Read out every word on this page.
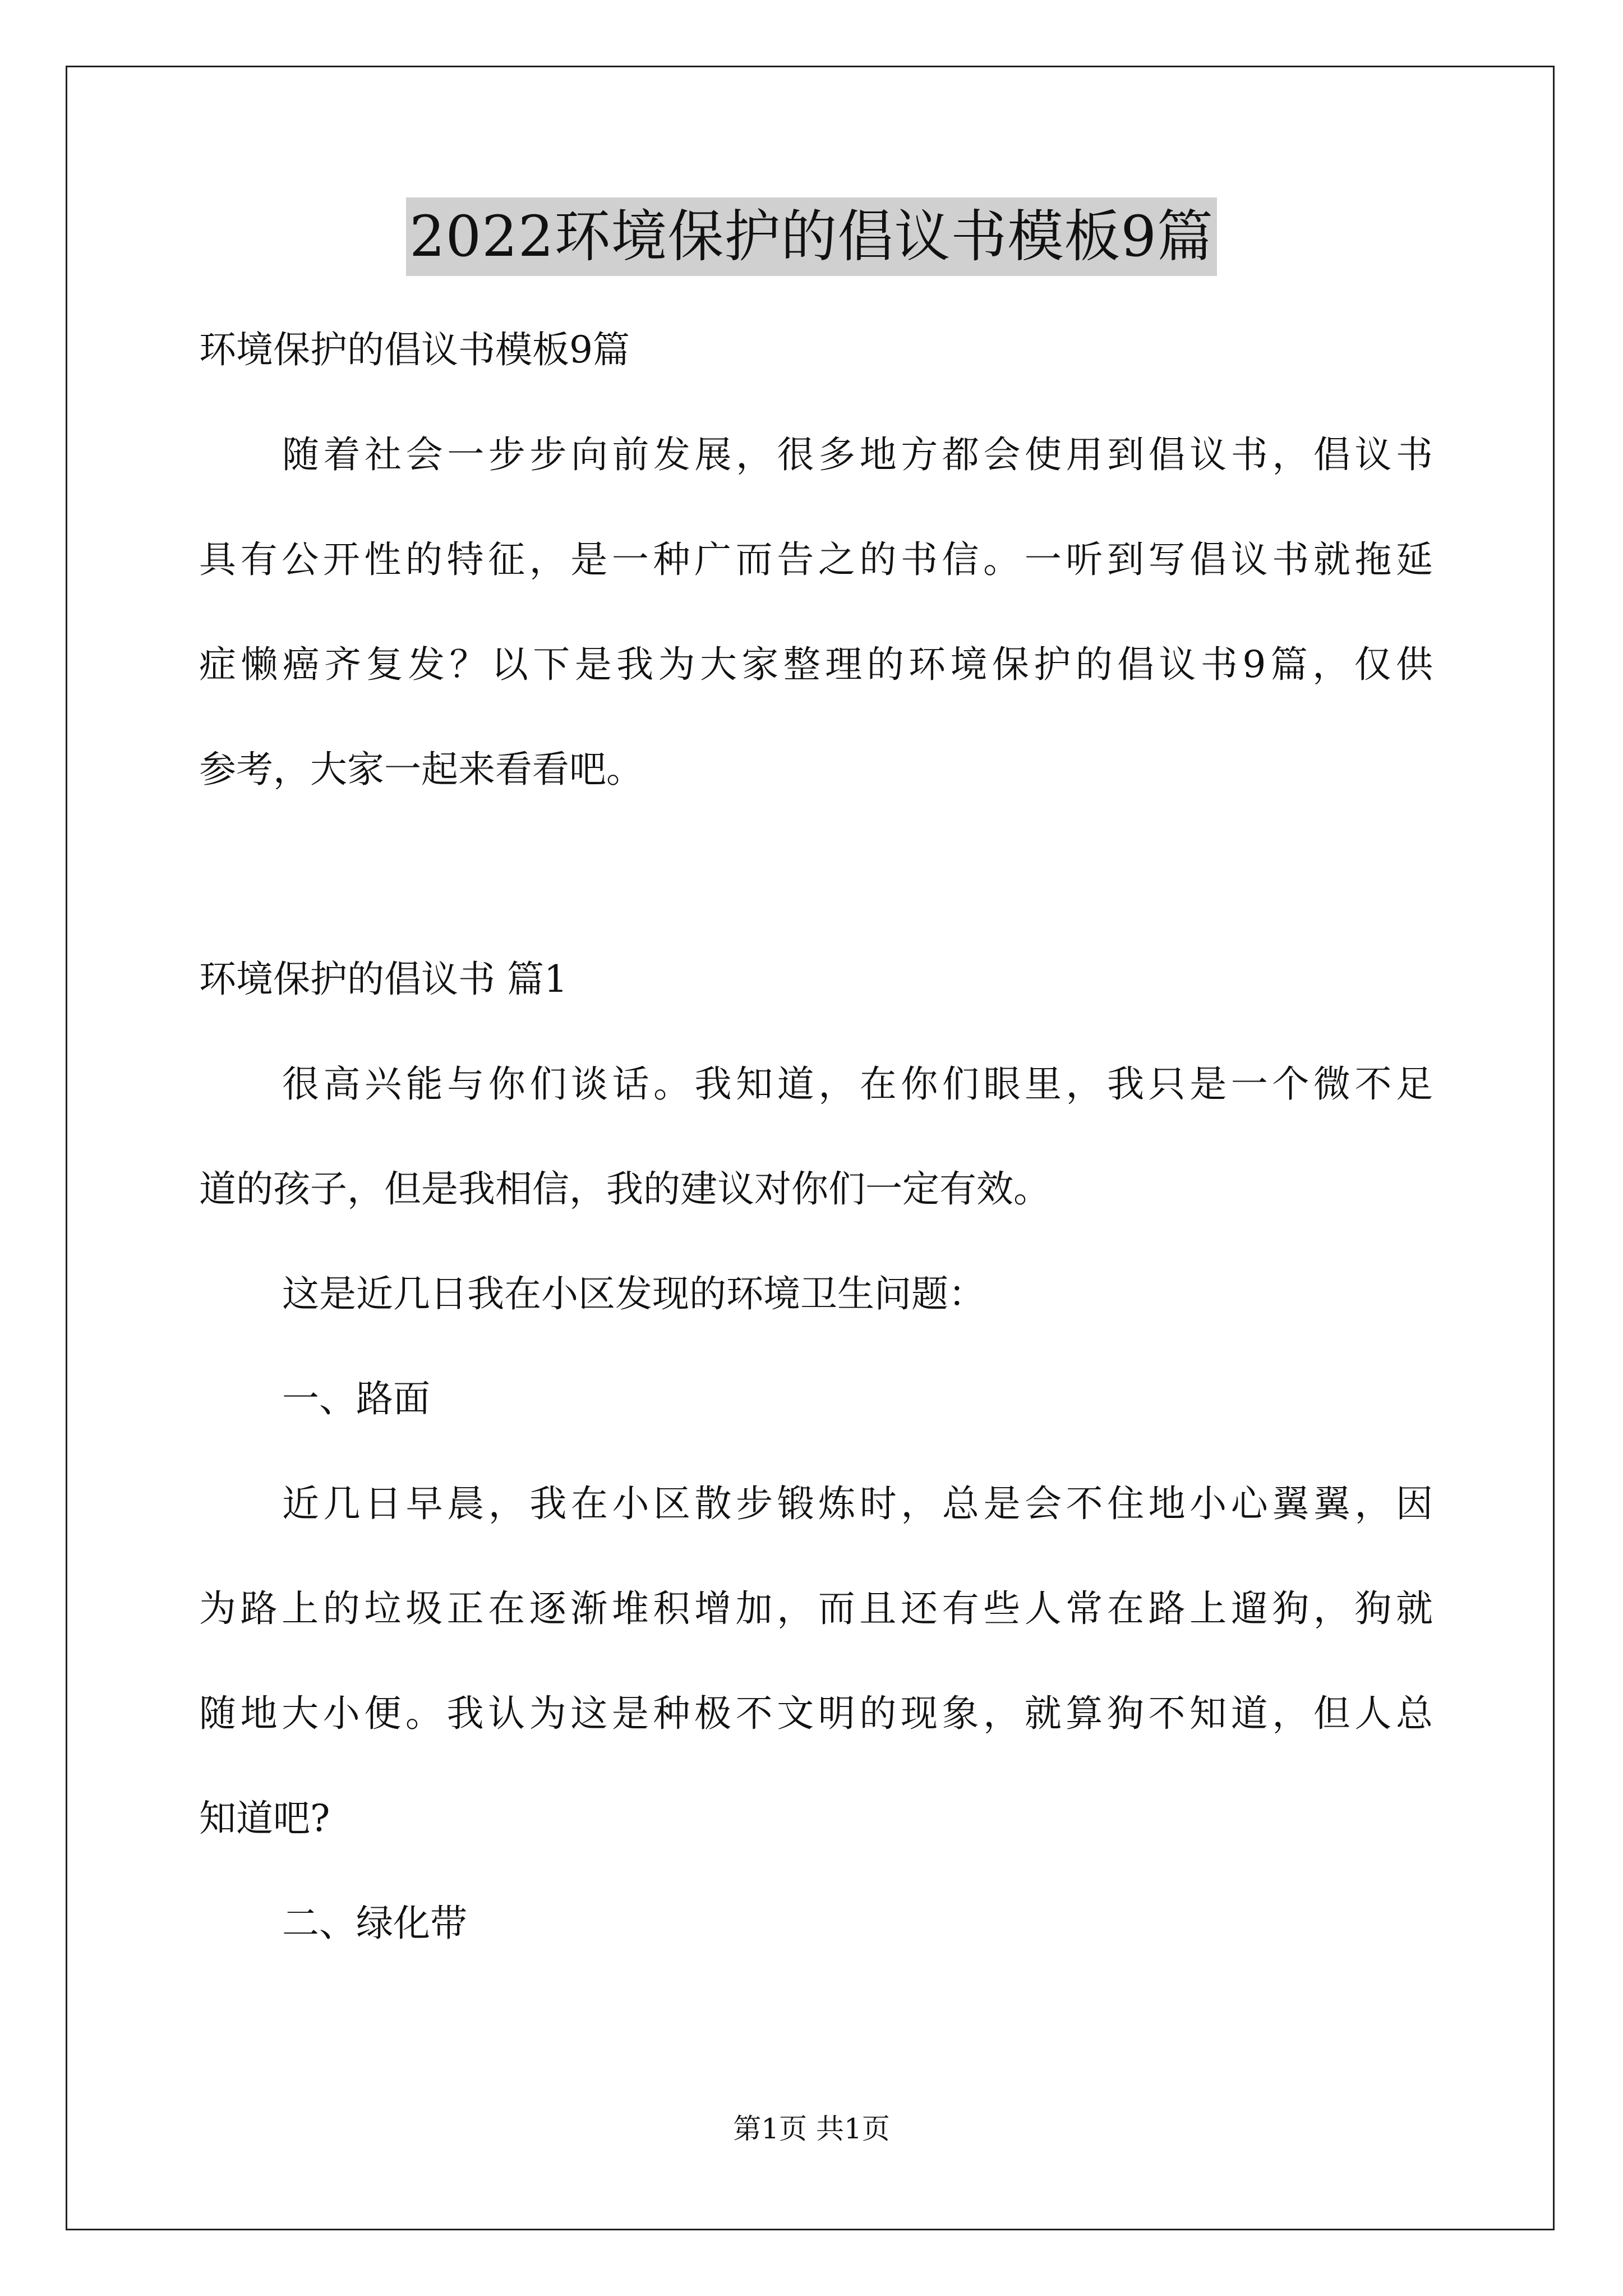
2022环境保护的倡议书模板9篇

环境保护的倡议书模板9篇

随着社会一步步向前发展，很多地方都会使用到倡议书，倡议书

具有公开性的特征，是一种广而告之的书信。一听到写倡议书就拖延

症懒癌齐复发？以下是我为大家整理的环境保护的倡议书9篇，仅供

参考，大家一起来看看吧。

环境保护的倡议书 篇1

很高兴能与你们谈话。我知道，在你们眼里，我只是一个微不足

道的孩子，但是我相信，我的建议对你们一定有效。

这是近几日我在小区发现的环境卫生问题：

一、路面

近几日早晨，我在小区散步锻炼时，总是会不住地小心翼翼，因

为路上的垃圾正在逐渐堆积增加，而且还有些人常在路上遛狗，狗就

随地大小便。我认为这是种极不文明的现象，就算狗不知道，但人总

知道吧?

二、绿化带

第1页 共1页
